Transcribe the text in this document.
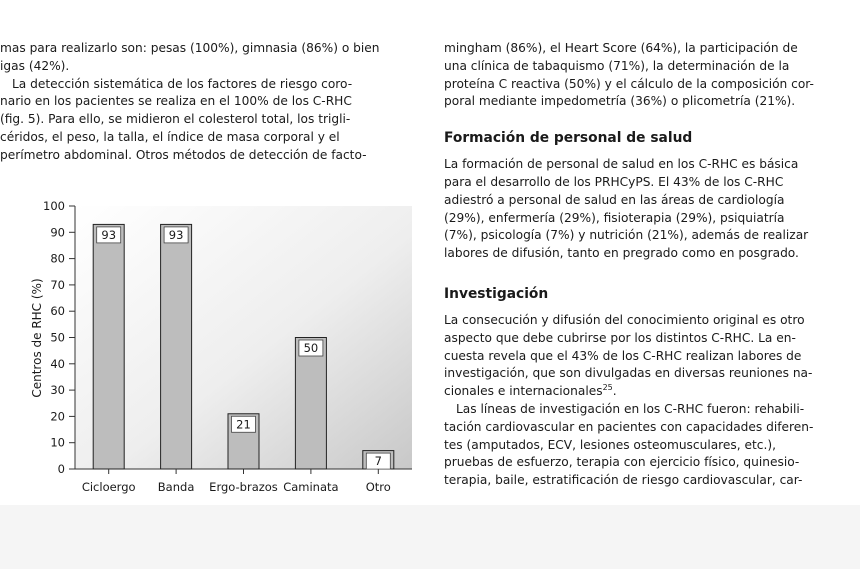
mas para realizarlo son: pesas (100%), gimnasia (86%) o bien
igas (42%).
La detección sistemática de los factores de riesgo coro-
nario en los pacientes se realiza en el 100% de los C-RHC
(fig. 5). Para ello, se midieron el colesterol total, los trigli-
céridos, el peso, la talla, el índice de masa corporal y el
perímetro abdominal. Otros métodos de detección de facto-
Centros de RHC (%)
0
10
20
30
40
50
60
70
80
90
100
93
Cicloergo
93
Banda
21
Ergo-brazos
50
Caminata
7
Otro
mingham (86%), el Heart Score (64%), la participación de
una clínica de tabaquismo (71%), la determinación de la
proteína C reactiva (50%) y el cálculo de la composición cor-
poral mediante impedometría (36%) o plicometría (21%).
Formación de personal de salud
La formación de personal de salud en los C-RHC es básica
para el desarrollo de los PRHCyPS. El 43% de los C-RHC
adiestró a personal de salud en las áreas de cardiología
(29%), enfermería (29%), fisioterapia (29%), psiquiatría
(7%), psicología (7%) y nutrición (21%), además de realizar
labores de difusión, tanto en pregrado como en posgrado.
Investigación
La consecución y difusión del conocimiento original es otro
aspecto que debe cubrirse por los distintos C-RHC. La en-
cuesta revela que el 43% de los C-RHC realizan labores de
investigación, que son divulgadas en diversas reuniones na-
cionales e internacionales$^{25}$.
Las líneas de investigación en los C-RHC fueron: rehabili-
tación cardiovascular en pacientes con capacidades diferen-
tes (amputados, ECV, lesiones osteomusculares, etc.),
pruebas de esfuerzo, terapia con ejercicio físico, quinesio-
terapia, baile, estratificación de riesgo cardiovascular, car-
